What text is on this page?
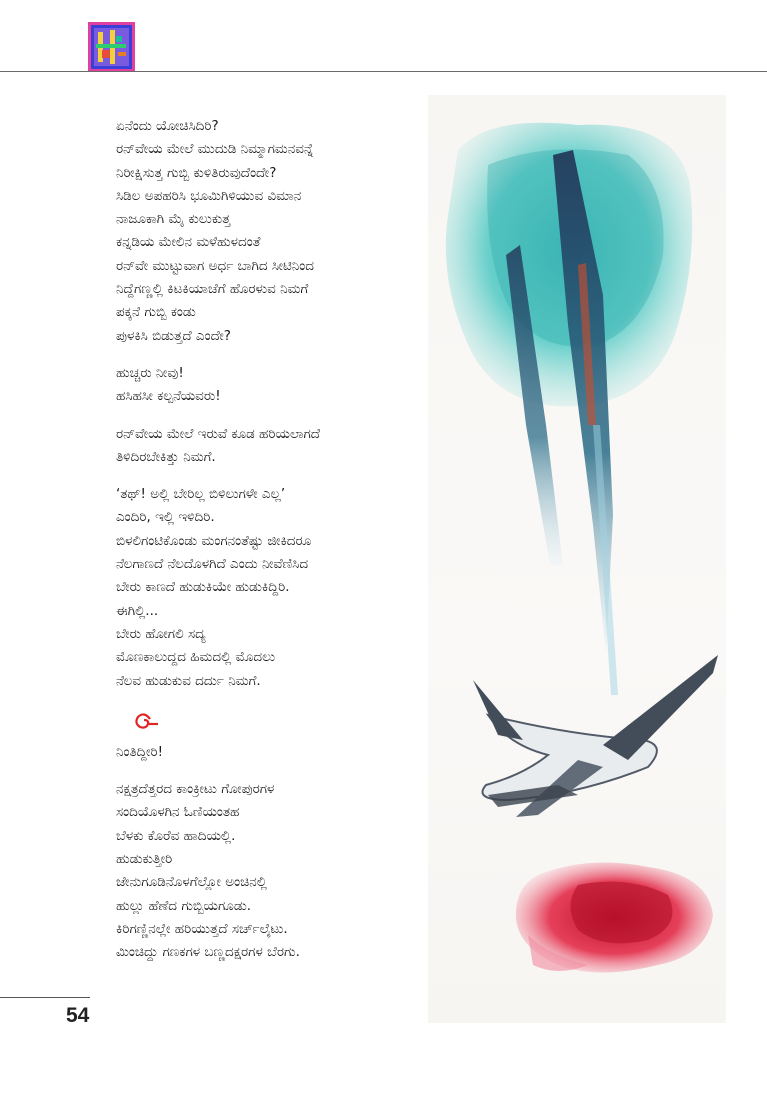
ಏನೆಂದು ಯೋಚಿಸಿದಿರಿ?
ರನ್‌ವೇಯ ಮೇಲೆ ಮುದುಡಿ ನಿಮ್ಮಾಗಮನವನ್ನೆ
ನಿರೀಕ್ಷಿಸುತ್ತ ಗುಬ್ಬಿ ಕುಳಿತಿರುವುದೆಂದೇ?
ಸಿಡಿಲ ಅಪಹರಿಸಿ ಭೂಮಿಗಿಳಿಯುವ ವಿಮಾನ
ನಾಜೂಕಾಗಿ ಮೈ ಕುಲುಕುತ್ತ
ಕನ್ನಡಿಯ ಮೇಲಿನ ಮಳೆಹುಳದಂತೆ
ರನ್‌ವೇ ಮುಟ್ಟುವಾಗ ಅರ್ಧ ಬಾಗಿದ ಸೀಟಿನಿಂದ
ನಿದ್ದೆಗಣ್ಣಲ್ಲಿ ಕಿಟಕಿಯಾಚೆಗೆ ಹೊರಳುವ ನಿಮಗೆ
ಪಕ್ಕನೆ ಗುಬ್ಬಿ ಕಂಡು
ಪುಳಕಿಸಿ ಬಿಡುತ್ತದೆ ಎಂದೇ?
ಹುಚ್ಚರು ನೀವು!
ಹಸಿಹಸೀ ಕಲ್ಪನೆಯವರು!
ರನ್‌ವೇಯ ಮೇಲೆ ಇರುವೆ ಕೂಡ ಹರಿಯಲಾಗದೆ
ತಿಳಿದಿರಬೇಕಿತ್ತು ನಿಮಗೆ.
‘ತಥ್! ಅಲ್ಲಿ ಬೇರಿಲ್ಲ ಬಿಳಿಲುಗಳೇ ಎಲ್ಲ’
ಎಂದಿರಿ, ಇಲ್ಲಿ ಇಳಿದಿರಿ.
ಬಿಳಲಿಗಂಟಿಕೊಂಡು ಮಂಗನಂತೆಷ್ಟು ಜೀಕಿದರೂ
ನೆಲಗಾಣದೆ ನೆಲದೊಳಗಿದೆ ಎಂದು ನೀವೆಣಿಸಿದ
ಬೇರು ಕಾಣದೆ ಹುಡುಕಿಯೇ ಹುಡುಕಿದ್ದಿರಿ.
ಈಗಿಲ್ಲಿ...
ಬೇರು ಹೋಗಲಿ ಸದ್ಯ
ಮೊಣಕಾಲುದ್ದದ ಹಿಮದಲ್ಲಿ ಮೊದಲು
ನೆಲವ ಹುಡುಕುವ ದರ್ದು ನಿಮಗೆ.
ನಿಂತಿದ್ದೀರಿ!
ನಕ್ಷತ್ರದೆತ್ತರದ ಕಾಂಕ್ರೀಟು ಗೋಪುರಗಳ
ಸಂದಿಯೊಳಗಿನ ಓಣಿಯಂತಹ
ಬೆಳಕು ಕೊರೆವ ಹಾದಿಯಲ್ಲಿ.
ಹುಡುಕುತ್ತೀರಿ
ಜೇನುಗೂಡಿನೊಳಗೆಲ್ಲೋ ಅಂಚಿನಲ್ಲಿ
ಹುಲ್ಲು ಹೆಣೆದ ಗುಬ್ಬಿಯಗೂಡು.
ಕಿರಿಗಣ್ಣಿನಲ್ಲೇ ಹರಿಯುತ್ತದೆ ಸರ್ಚ್‌ಲೈಟು.
ಮಿಂಚಿದ್ದು ಗಣಕಗಳ ಬಣ್ಣದಕ್ಷರಗಳ ಬೆರಗು.
54
